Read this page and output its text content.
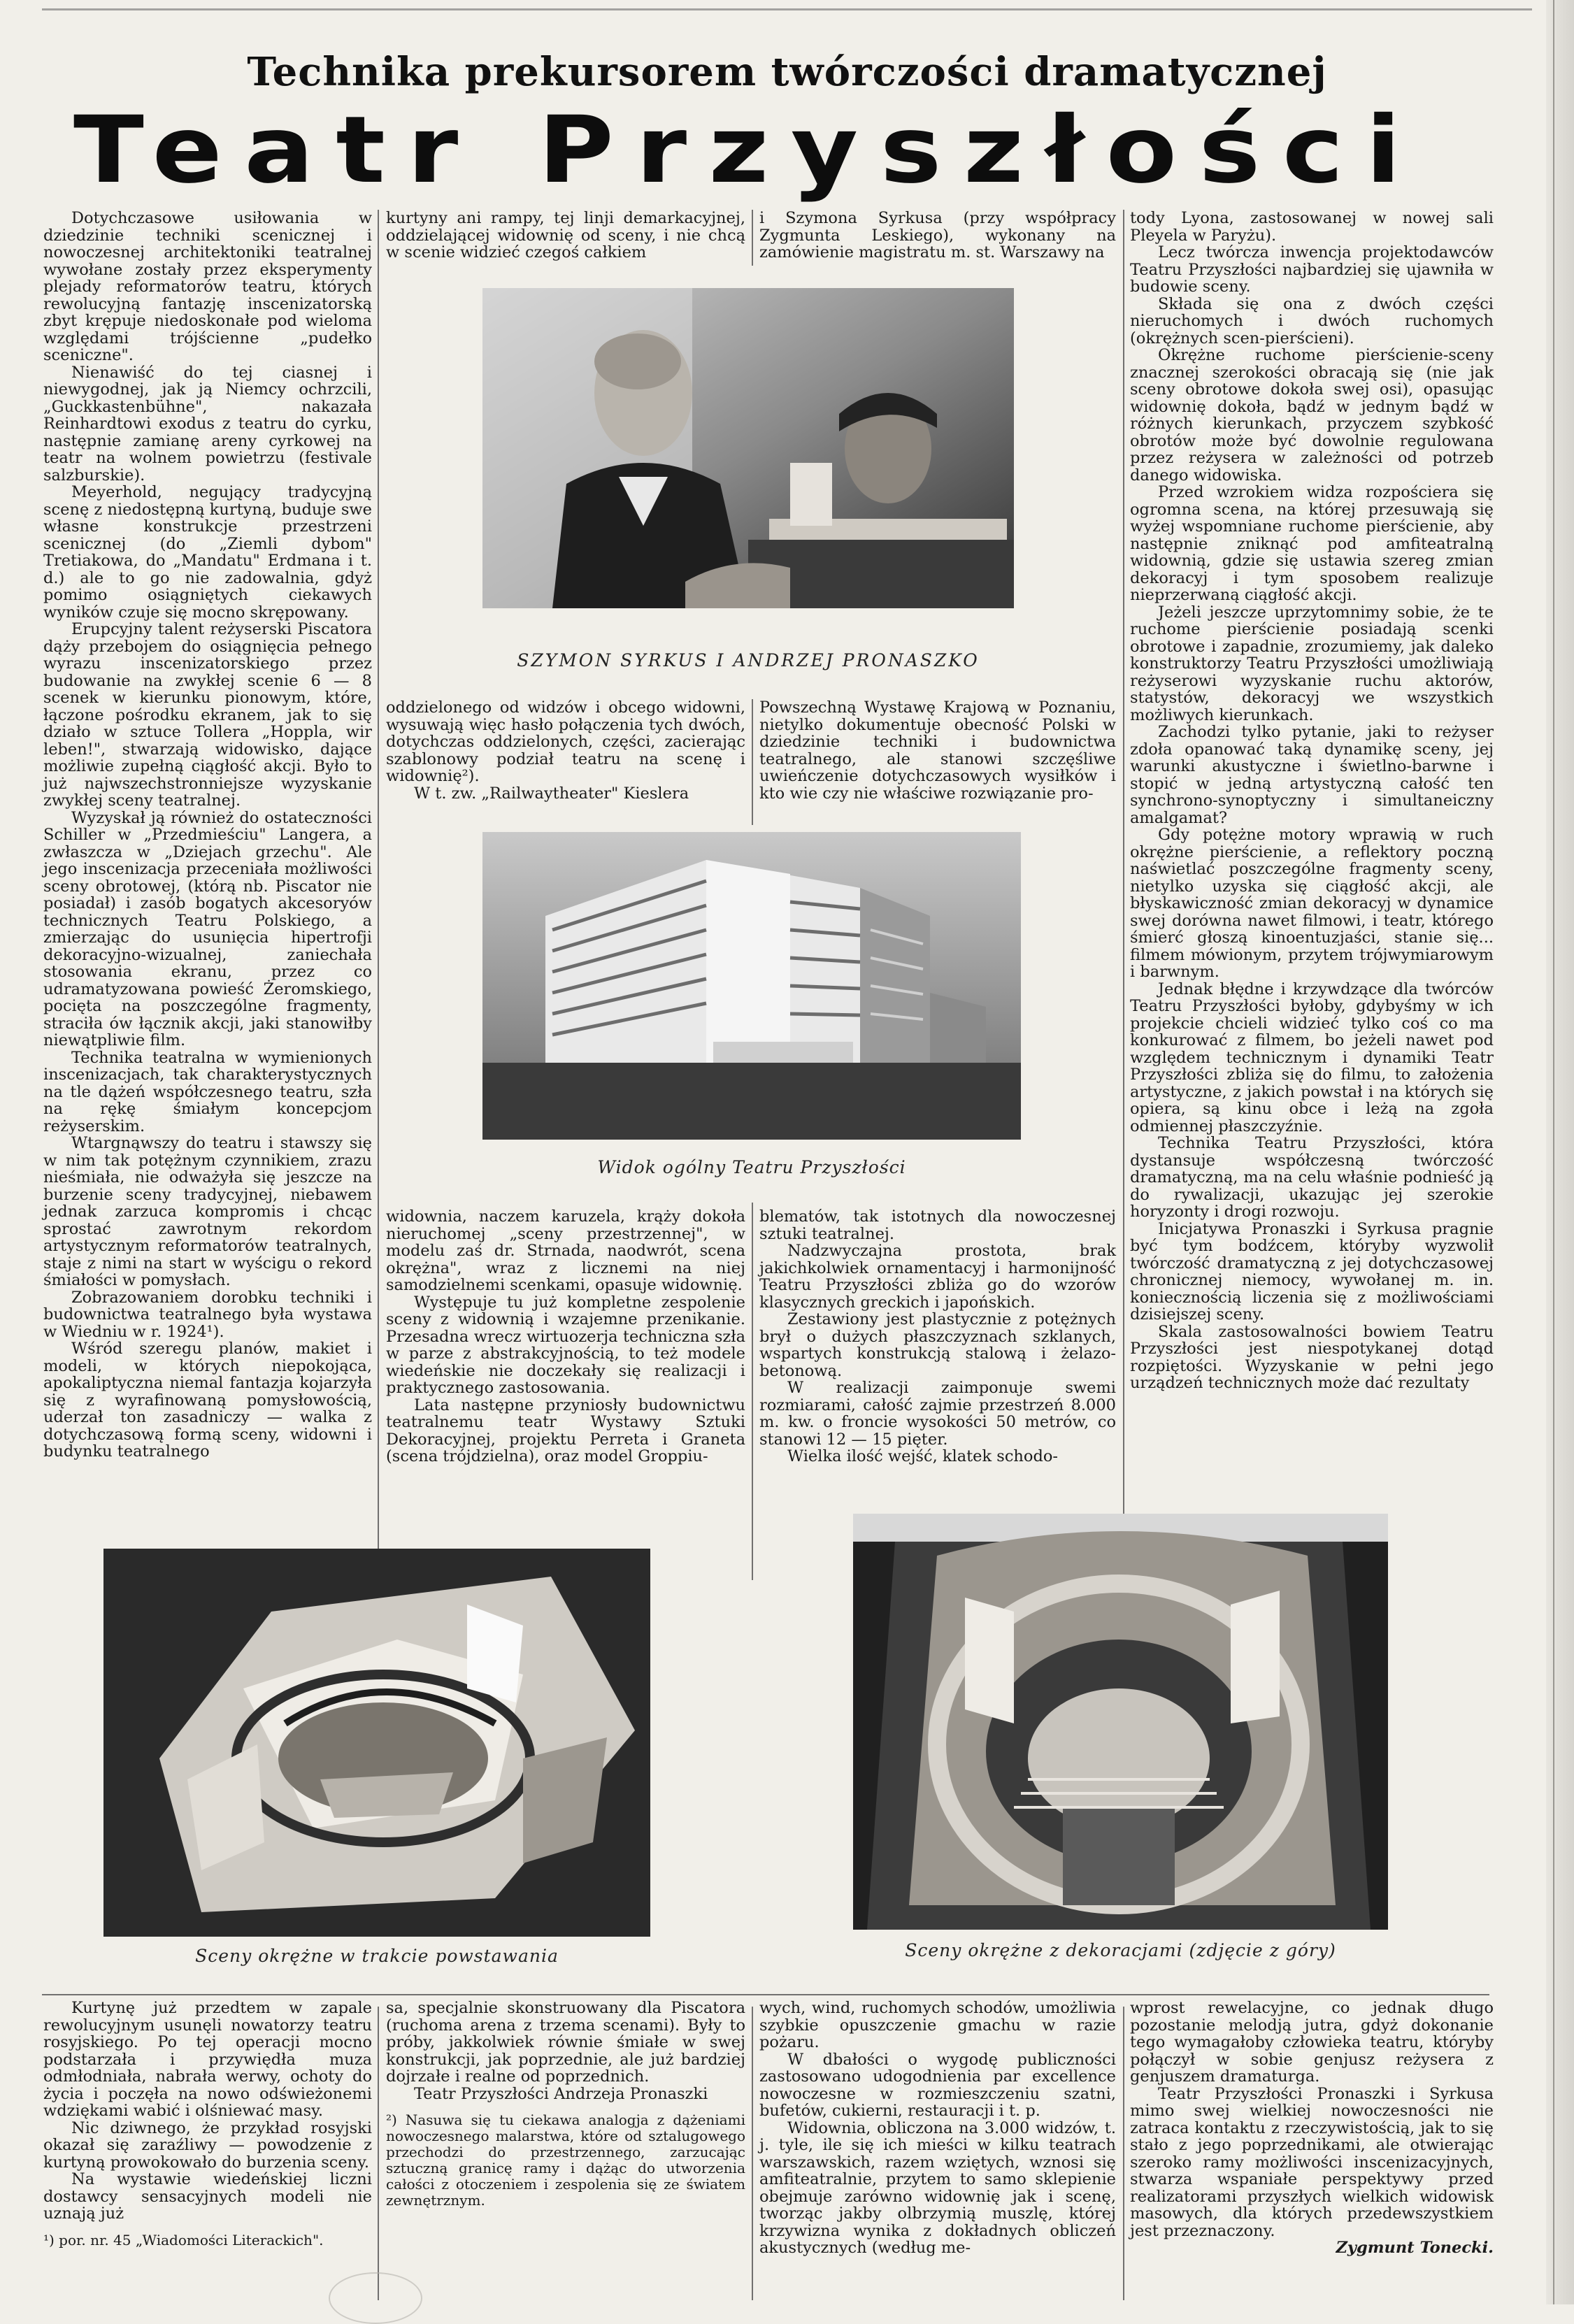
Technika prekursorem twórczości dramatycznej
Teatr Przyszłości

Dotychczasowe usiłowania w dziedzinie techniki scenicznej i nowoczesnej architektoniki teatralnej wywołane zostały przez eksperymenty plejady reformatorów teatru, których rewolucyjną fantazję inscenizatorską zbyt krępuje niedoskonałe pod wieloma względami trójścienne „pudełko sceniczne".

Nienawiść do tej ciasnej i niewygodnej, jak ją Niemcy ochrzcili, „Guckkastenbühne", nakazała Reinhardtowi exodus z teatru do cyrku, następnie zamianę areny cyrkowej na teatr na wolnem powietrzu (festivale salzburskie).

Meyerhold, negujący tradycyjną scenę z niedostępną kurtyną, buduje swe własne konstrukcje przestrzeni scenicznej (do „Ziemli dybom" Tretiakowa, do „Mandatu" Erdmana i t. d.) ale to go nie zadowalnia, gdyż pomimo osiągniętych ciekawych wyników czuje się mocno skrępowany.

Erupcyjny talent reżyserski Piscatora dąży przebojem do osiągnięcia pełnego wyrazu inscenizatorskiego przez budowanie na zwykłej scenie 6 — 8 scenek w kierunku pionowym, które, łączone pośrodku ekranem, jak to się działo w sztuce Tollera „Hoppla, wir leben!", stwarzają widowisko, dające możliwie zupełną ciągłość akcji. Było to już najwszechstronniejsze wyzyskanie zwykłej sceny teatralnej.

Wyzyskał ją również do ostateczności Schiller w „Przedmieściu" Langera, a zwłaszcza w „Dziejach grzechu". Ale jego inscenizacja przeceniała możliwości sceny obrotowej, (którą nb. Piscator nie posiadał) i zasób bogatych akcesoryów technicznych Teatru Polskiego, a zmierzając do usunięcia hipertrofji dekoracyjno-wizualnej, zaniechała stosowania ekranu, przez co udramatyzowana powieść Żeromskiego, pocięta na poszczególne fragmenty, straciła ów łącznik akcji, jaki stanowiłby niewątpliwie film.

Technika teatralna w wymienionych inscenizacjach, tak charakterystycznych na tle dążeń współczesnego teatru, szła na rękę śmiałym koncepcjom reżyserskim.

Wtargnąwszy do teatru i stawszy się w nim tak potężnym czynnikiem, zrazu nieśmiała, nie odważyła się jeszcze na burzenie sceny tradycyjnej, niebawem jednak zarzuca kompromis i chcąc sprostać zawrotnym rekordom artystycznym reformatorów teatralnych, staje z nimi na start w wyścigu o rekord śmiałości w pomysłach.

Zobrazowaniem dorobku techniki i budownictwa teatralnego była wystawa w Wiedniu w r. 1924¹).

Wśród szeregu planów, makiet i modeli, w których niepokojąca, apokaliptyczna niemal fantazja kojarzyła się z wyrafinowaną pomysłowością, uderzał ton zasadniczy — walka z dotychczasową formą sceny, widowni i budynku teatralnego

kurtyny ani rampy, tej linji demarkacyjnej, oddzielającej widownię od sceny, i nie chcą w scenie widzieć czegoś całkiem

i Szymona Syrkusa (przy współpracy Zygmunta Leskiego), wykonany na zamówienie magistratu m. st. Warszawy na

SZYMON SYRKUS I ANDRZEJ PRONASZKO

oddzielonego od widzów i obcego widowni, wysuwają więc hasło połączenia tych dwóch, dotychczas oddzielonych, części, zacierając szablonowy podział teatru na scenę i widownię²).

W t. zw. „Railwaytheater" Kieslera

Powszechną Wystawę Krajową w Poznaniu, nietylko dokumentuje obecność Polski w dziedzinie techniki i budownictwa teatralnego, ale stanowi szczęśliwe uwieńczenie dotychczasowych wysiłków i kto wie czy nie właściwe rozwiązanie pro-

Widok ogólny Teatru Przyszłości

tody Lyona, zastosowanej w nowej sali Pleyela w Paryżu).

Lecz twórcza inwencja projektodawców Teatru Przyszłości najbardziej się ujawniła w budowie sceny.

Składa się ona z dwóch części nieruchomych i dwóch ruchomych (okrężnych scen-pierścieni).

Okrężne ruchome pierścienie-sceny znacznej szerokości obracają się (nie jak sceny obrotowe dokoła swej osi), opasując widownię dokoła, bądź w jednym bądź w różnych kierunkach, przyczem szybkość obrotów może być dowolnie regulowana przez reżysera w zależności od potrzeb danego widowiska.

Przed wzrokiem widza rozpościera się ogromna scena, na której przesuwają się wyżej wspomniane ruchome pierścienie, aby następnie zniknąć pod amfiteatralną widownią, gdzie się ustawia szereg zmian dekoracyj i tym sposobem realizuje nieprzerwaną ciągłość akcji.

Jeżeli jeszcze uprzytomnimy sobie, że te ruchome pierścienie posiadają scenki obrotowe i zapadnie, zrozumiemy, jak daleko konstruktorzy Teatru Przyszłości umożliwiają reżyserowi wyzyskanie ruchu aktorów, statystów, dekoracyj we wszystkich możliwych kierunkach.

Zachodzi tylko pytanie, jaki to reżyser zdoła opanować taką dynamikę sceny, jej warunki akustyczne i świetlno-barwne i stopić w jedną artystyczną całość ten synchrono-synoptyczny i simultaneiczny amalgamat?

Gdy potężne motory wprawią w ruch okrężne pierścienie, a reflektory poczną naświetlać poszczególne fragmenty sceny, nietylko uzyska się ciągłość akcji, ale błyskawiczność zmian dekoracyj w dynamice swej dorówna nawet filmowi, i teatr, którego śmierć głoszą kinoentuzjaści, stanie się... filmem mówionym, przytem trójwymiarowym i barwnym.

Jednak błędne i krzywdzące dla twórców Teatru Przyszłości byłoby, gdybyśmy w ich projekcie chcieli widzieć tylko coś co ma konkurować z filmem, bo jeżeli nawet pod względem technicznym i dynamiki Teatr Przyszłości zbliża się do filmu, to założenia artystyczne, z jakich powstał i na których się opiera, są kinu obce i leżą na zgoła odmiennej płaszczyźnie.

Technika Teatru Przyszłości, która dystansuje współczesną twórczość dramatyczną, ma na celu właśnie podnieść ją do rywalizacji, ukazując jej szerokie horyzonty i drogi rozwoju.

Inicjatywa Pronaszki i Syrkusa pragnie być tym bodźcem, któryby wyzwolił twórczość dramatyczną z jej dotychczasowej chronicznej niemocy, wywołanej m. in. koniecznością liczenia się z możliwościami dzisiejszej sceny.

Skala zastosowalności bowiem Teatru Przyszłości jest niespotykanej dotąd rozpiętości. Wyzyskanie w pełni jego urządzeń technicznych może dać rezultaty

widownia, naczem karuzela, krąży dokoła nieruchomej „sceny przestrzennej", w modelu zaś dr. Strnada, naodwrót, scena okrężna", wraz z licznemi na niej samodzielnemi scenkami, opasuje widownię.

Występuje tu już kompletne zespolenie sceny z widownią i wzajemne przenikanie. Przesadna wrecz wirtuozerja techniczna szła w parze z abstrakcyjnością, to też modele wiedeńskie nie doczekały się realizacji i praktycznego zastosowania.

Lata następne przyniosły budownictwu teatralnemu teatr Wystawy Sztuki Dekoracyjnej, projektu Perreta i Graneta (scena trójdzielna), oraz model Groppiu-

blematów, tak istotnych dla nowoczesnej sztuki teatralnej.

Nadzwyczajna prostota, brak jakichkolwiek ornamentacyj i harmonijność Teatru Przyszłości zbliża go do wzorów klasycznych greckich i japońskich.

Zestawiony jest plastycznie z potężnych brył o dużych płaszczyznach szklanych, wspartych konstrukcją stalową i żelazo-betonową.

W realizacji zaimponuje swemi rozmiarami, całość zajmie przestrzeń 8.000 m. kw. o froncie wysokości 50 metrów, co stanowi 12 — 15 pięter.

Wielka ilość wejść, klatek schodo-

Sceny okrężne w trakcie powstawania	Sceny okrężne z dekoracjami (zdjęcie z góry)

Kurtynę już przedtem w zapale rewolucyjnym usunęli nowatorzy teatru rosyjskiego. Po tej operacji mocno podstarzała i przywiędła muza odmłodniała, nabrała werwy, ochoty do życia i poczęła na nowo odświeżonemi wdziękami wabić i olśniewać masy.

Nic dziwnego, że przykład rosyjski okazał się zaraźliwy — powodzenie z kurtyną prowokowało do burzenia sceny.

Na wystawie wiedeńskiej liczni dostawcy sensacyjnych modeli nie uznają już

¹) por. nr. 45 „Wiadomości Literackich".

sa, specjalnie skonstruowany dla Piscatora (ruchoma arena z trzema scenami). Były to próby, jakkolwiek równie śmiałe w swej konstrukcji, jak poprzednie, ale już bardziej dojrzałe i realne od poprzednich.

Teatr Przyszłości Andrzeja Pronaszki

²) Nasuwa się tu ciekawa analogja z dążeniami nowoczesnego malarstwa, które od sztalugowego przechodzi do przestrzennego, zarzucając sztuczną granicę ramy i dążąc do utworzenia całości z otoczeniem i zespolenia się ze światem zewnętrznym.

wych, wind, ruchomych schodów, umożliwia szybkie opuszczenie gmachu w razie pożaru.

W dbałości o wygodę publiczności zastosowano udogodnienia par excellence nowoczesne w rozmieszczeniu szatni, bufetów, cukierni, restauracji i t. p.

Widownia, obliczona na 3.000 widzów, t. j. tyle, ile się ich mieści w kilku teatrach warszawskich, razem wziętych, wznosi się amfiteatralnie, przytem to samo sklepienie obejmuje zarówno widownię jak i scenę, tworząc jakby olbrzymią muszlę, której krzywizna wynika z dokładnych obliczeń akustycznych (według me-

wprost rewelacyjne, co jednak długo pozostanie melodją jutra, gdyż dokonanie tego wymagałoby człowieka teatru, któryby połączył w sobie genjusz reżysera z genjuszem dramaturga.

Teatr Przyszłości Pronaszki i Syrkusa mimo swej wielkiej nowoczesności nie zatraca kontaktu z rzeczywistością, jak to się stało z jego poprzednikami, ale otwierając szeroko ramy możliwości inscenizacyjnych, stwarza wspaniałe perspektywy przed realizatorami przyszłych wielkich widowisk masowych, dla których przedewszystkiem jest przeznaczony.

Zygmunt Tonecki.
